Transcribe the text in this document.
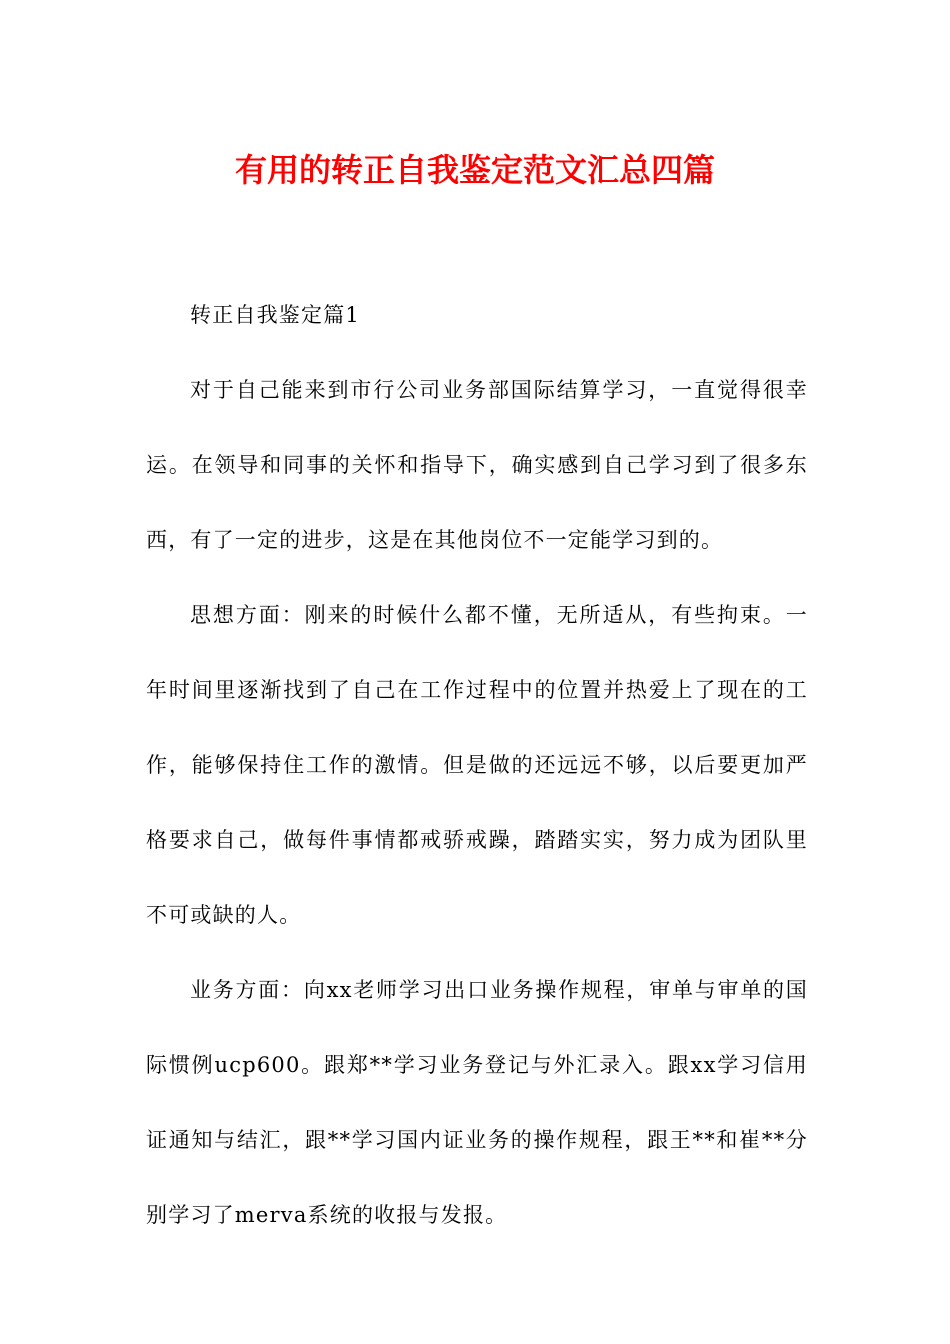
有用的转正自我鉴定范文汇总四篇

转正自我鉴定篇1

对于自己能来到市行公司业务部国际结算学习，一直觉得很幸运。在领导和同事的关怀和指导下，确实感到自己学习到了很多东西，有了一定的进步，这是在其他岗位不一定能学习到的。

思想方面：刚来的时候什么都不懂，无所适从，有些拘束。一年时间里逐渐找到了自己在工作过程中的位置并热爱上了现在的工作，能够保持住工作的激情。但是做的还远远不够，以后要更加严格要求自己，做每件事情都戒骄戒躁，踏踏实实，努力成为团队里不可或缺的人。

业务方面：向xx老师学习出口业务操作规程，审单与审单的国际惯例ucp600。跟郑**学习业务登记与外汇录入。跟xx学习信用证通知与结汇，跟**学习国内证业务的操作规程，跟王**和崔**分别学习了merva系统的收报与发报。
